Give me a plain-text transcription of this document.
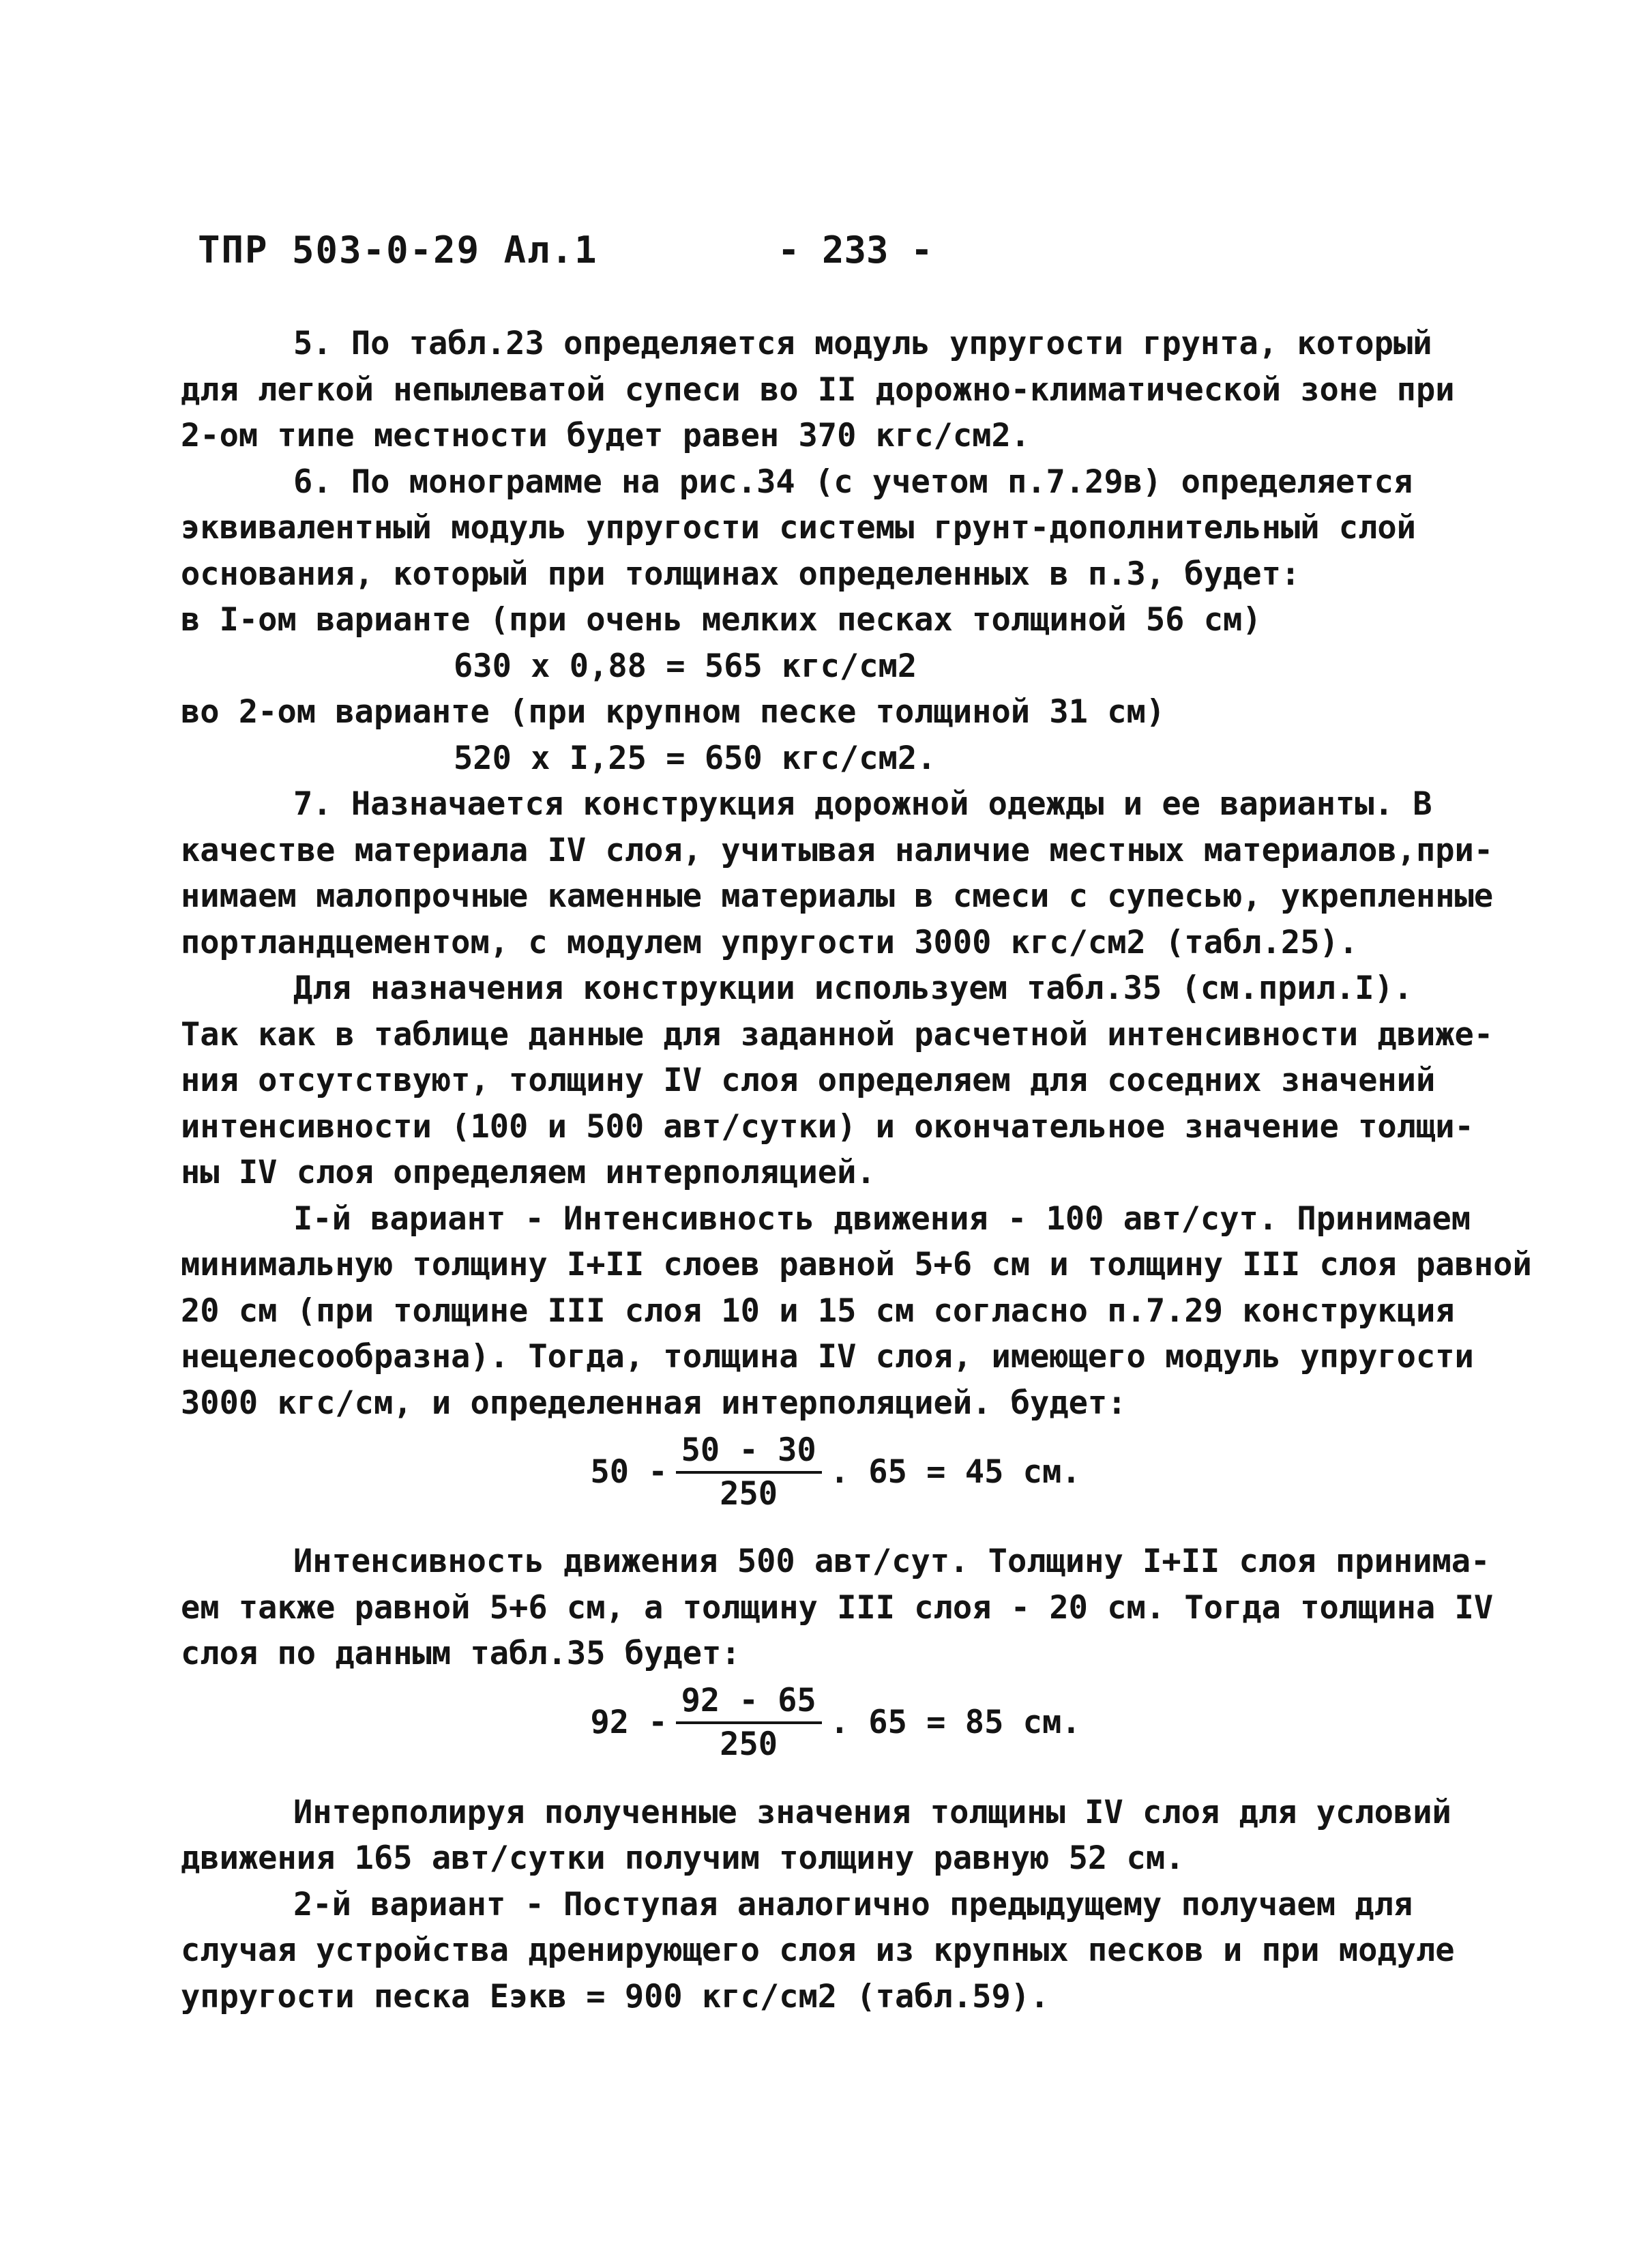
ТПР 503-0-29 Ал.1	- 233 -
5. По табл.23 определяется модуль упругости грунта, который
для легкой непылеватой супеси во II дорожно-климатической зоне при
2-ом типе местности будет равен 370 кгс/см2.
6. По монограмме на рис.34 (с учетом п.7.29в) определяется
эквивалентный модуль упругости системы грунт-дополнительный слой
основания, который при толщинах определенных в п.3, будет:
в I-ом варианте (при очень мелких песках толщиной 56 см)
630 x 0,88 = 565 кгс/см2
во 2-ом варианте (при крупном песке толщиной 31 см)
520 x I,25 = 650 кгс/см2.
7. Назначается конструкция дорожной одежды и ее варианты. В
качестве материала IV слоя, учитывая наличие местных материалов,при-
нимаем малопрочные каменные материалы в смеси с супесью, укрепленные
портландцементом, с модулем упругости 3000 кгс/см2 (табл.25).
Для назначения конструкции используем табл.35 (см.прил.I).
Так как в таблице данные для заданной расчетной интенсивности движе-
ния отсутствуют, толщину IV слоя определяем для соседних значений
интенсивности (100 и 500 авт/сутки) и окончательное значение толщи-
ны IV слоя определяем интерполяцией.
I-й вариант - Интенсивность движения - 100 авт/сут. Принимаем
минимальную толщину I+II слоев равной 5+6 см и толщину III слоя равной
20 см (при толщине III слоя 10 и 15 см согласно п.7.29 конструкция
нецелесообразна). Тогда, толщина IV слоя, имеющего модуль упругости
3000 кгс/см, и определенная интерполяцией. будет:
$50 - \frac{50 - 30}{250}$ . 65 = 45 см.
Интенсивность движения 500 авт/сут. Толщину I+II слоя принима-
ем также равной 5+6 см, а толщину III слоя - 20 см. Тогда толщина IV
слоя по данным табл.35 будет:
$92 - \frac{92 - 65}{250}$ . 65 = 85 см.
Интерполируя полученные значения толщины IV слоя для условий
движения 165 авт/сутки получим толщину равную 52 см.
2-й вариант - Поступая аналогично предыдущему получаем для
случая устройства дренирующего слоя из крупных песков и при модуле
упругости песка Еэкв = 900 кгс/см2 (табл.59).
